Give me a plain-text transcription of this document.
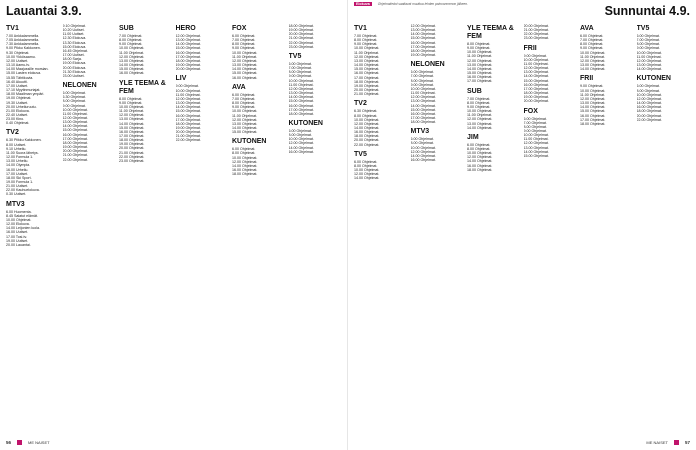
Lauantai 3.9.
TV1
7.00 Ankkalammella.
7.05 Ankkalammella.
7.30 Ankkalammella.
9.00 Pikku Kakkonen.
9.30 Ohjelmat.
10.00 Ykkösaamu.
12.00 Uutiset.
13.10 Aamu-tv.
14.00 Maajussille morsian.
15.00 Lasten elokuva.
15.55 Tähtikuvia.
16.40 Akuutti.
17.00 Uutiset.
17.10 Myytinmurtajat.
18.00 Maailman ympäri.
19.00 Ohjelmat.
19.30 Uutiset.
20.00 Urheiluruutu.
21.00 Elokuva.
22.40 Uutiset.
23.00 Kino.
0.40 Ohjelmat.
TV2
6.30 Piikku Kakkonen.
8.00 Uutiset.
9.10 Urheilu.
11.00 Suora lähetys.
12.00 Formula 1.
13.00 Urheilu.
14.00 Olympia.
16.00 Urheilu.
17.00 Uutiset.
18.00 Ski Sport.
19.00 Formula 1.
21.00 Uutiset.
22.00 Kauhuelokuva.
0.30 Uutiset.
MTV3
6.00 Huomenta.
8.45 Salatut elämät.
10.00 Ohjelmat.
12.00 Elokuva.
14.00 Leijonien luola.
16.00 Uutiset.
17.00 Tosi-tv.
19.00 Uutiset.
20.00 Lauantai.
9.10 Ohjelmat.
10.20 Uutiset.
11.00 Uutiset.
12.30 Elokuva.
13.30 Elokuva.
15.00 Elokuva.
16.45 Ohjelmat.
17.00 Uutiset.
18.00 Sarja.
19.00 Elokuva.
20.00 Elokuva.
21.30 Elokuva.
23.00 Uutiset.
NELONEN
6.00 Ohjelmat.
6.30 Ohjelmat.
8.00 Ohjelmat.
9.00 Ohjelmat.
10.00 Ohjelmat.
11.00 Ohjelmat.
12.00 Ohjelmat.
13.00 Ohjelmat.
14.00 Ohjelmat.
15.00 Ohjelmat.
16.00 Ohjelmat.
17.00 Ohjelmat.
18.00 Ohjelmat.
19.00 Ohjelmat.
20.00 Ohjelmat.
21.00 Ohjelmat.
22.00 Ohjelmat.
SUB
7.00 Ohjelmat.
8.00 Ohjelmat.
9.00 Ohjelmat.
10.00 Ohjelmat.
11.00 Ohjelmat.
12.00 Ohjelmat.
13.00 Ohjelmat.
14.00 Ohjelmat.
15.00 Ohjelmat.
16.00 Ohjelmat.
YLE TEEMA & FEM
8.00 Ohjelmat.
9.00 Ohjelmat.
10.00 Ohjelmat.
11.00 Ohjelmat.
12.00 Ohjelmat.
13.00 Ohjelmat.
14.00 Ohjelmat.
15.00 Ohjelmat.
16.00 Ohjelmat.
17.00 Ohjelmat.
18.00 Ohjelmat.
19.00 Ohjelmat.
20.00 Ohjelmat.
21.00 Ohjelmat.
22.00 Ohjelmat.
23.00 Ohjelmat.
HERO
12.00 Ohjelmat.
13.00 Ohjelmat.
14.00 Ohjelmat.
15.00 Ohjelmat.
16.00 Ohjelmat.
17.00 Ohjelmat.
18.00 Ohjelmat.
19.00 Ohjelmat.
20.00 Ohjelmat.
LIV
9.00 Ohjelmat.
10.00 Ohjelmat.
11.00 Ohjelmat.
12.00 Ohjelmat.
13.00 Ohjelmat.
14.00 Ohjelmat.
15.00 Ohjelmat.
16.00 Ohjelmat.
17.00 Ohjelmat.
18.00 Ohjelmat.
19.00 Ohjelmat.
20.00 Ohjelmat.
21.00 Ohjelmat.
22.00 Ohjelmat.
FOX
6.00 Ohjelmat.
7.00 Ohjelmat.
8.00 Ohjelmat.
9.00 Ohjelmat.
10.00 Ohjelmat.
11.00 Ohjelmat.
12.00 Ohjelmat.
13.00 Ohjelmat.
14.00 Ohjelmat.
15.00 Ohjelmat.
16.00 Ohjelmat.
AVA
6.00 Ohjelmat.
7.00 Ohjelmat.
8.00 Ohjelmat.
9.00 Ohjelmat.
10.00 Ohjelmat.
11.00 Ohjelmat.
12.00 Ohjelmat.
13.00 Ohjelmat.
14.00 Ohjelmat.
15.00 Ohjelmat.
KUTONEN
6.00 Ohjelmat.
8.00 Ohjelmat.
10.00 Ohjelmat.
12.00 Ohjelmat.
14.00 Ohjelmat.
16.00 Ohjelmat.
18.00 Ohjelmat.
18.00 Ohjelmat.
19.00 Ohjelmat.
20.00 Ohjelmat.
21.00 Ohjelmat.
22.00 Ohjelmat.
23.00 Ohjelmat.
TV5
6.00 Ohjelmat.
7.00 Ohjelmat.
8.00 Ohjelmat.
9.00 Ohjelmat.
10.00 Ohjelmat.
11.00 Ohjelmat.
12.00 Ohjelmat.
13.00 Ohjelmat.
14.00 Ohjelmat.
15.00 Ohjelmat.
16.00 Ohjelmat.
17.00 Ohjelmat.
18.00 Ohjelmat.
KUTONEN
6.00 Ohjelmat.
8.00 Ohjelmat.
10.00 Ohjelmat.
12.00 Ohjelmat.
14.00 Ohjelmat.
16.00 Ohjelmat.
56	ME NAISET
Elokuva	Ohjelmatiedot saattavat muuttua lehden painoonmenon jälkeen.	Sunnuntai 4.9.
TV1
7.00 Ohjelmat.
8.00 Ohjelmat.
9.00 Ohjelmat.
10.00 Ohjelmat.
11.00 Ohjelmat.
12.00 Ohjelmat.
13.00 Ohjelmat.
14.00 Ohjelmat.
15.00 Ohjelmat.
16.00 Ohjelmat.
17.00 Ohjelmat.
18.00 Ohjelmat.
19.00 Ohjelmat.
20.00 Ohjelmat.
21.00 Ohjelmat.
TV2
6.30 Ohjelmat.
8.00 Ohjelmat.
10.00 Ohjelmat.
12.00 Ohjelmat.
14.00 Ohjelmat.
16.00 Ohjelmat.
18.00 Ohjelmat.
20.00 Ohjelmat.
22.00 Ohjelmat.
TV5
6.00 Ohjelmat.
8.00 Ohjelmat.
10.00 Ohjelmat.
12.00 Ohjelmat.
14.00 Ohjelmat.
12.00 Ohjelmat.
13.00 Ohjelmat.
14.00 Ohjelmat.
15.00 Ohjelmat.
16.00 Ohjelmat.
17.00 Ohjelmat.
18.00 Ohjelmat.
19.00 Ohjelmat.
NELONEN
6.00 Ohjelmat.
7.00 Ohjelmat.
8.00 Ohjelmat.
9.00 Ohjelmat.
10.00 Ohjelmat.
11.00 Ohjelmat.
12.00 Ohjelmat.
13.00 Ohjelmat.
14.00 Ohjelmat.
15.00 Ohjelmat.
16.00 Ohjelmat.
17.00 Ohjelmat.
18.00 Ohjelmat.
MTV3
6.00 Ohjelmat.
8.00 Ohjelmat.
10.00 Ohjelmat.
12.00 Ohjelmat.
14.00 Ohjelmat.
16.00 Ohjelmat.
YLE TEEMA & FEM
8.00 Ohjelmat.
9.00 Ohjelmat.
10.00 Ohjelmat.
11.00 Ohjelmat.
12.00 Ohjelmat.
13.00 Ohjelmat.
14.00 Ohjelmat.
15.00 Ohjelmat.
16.00 Ohjelmat.
17.00 Ohjelmat.
SUB
7.00 Ohjelmat.
8.00 Ohjelmat.
9.00 Ohjelmat.
10.00 Ohjelmat.
11.00 Ohjelmat.
12.00 Ohjelmat.
13.00 Ohjelmat.
14.00 Ohjelmat.
JIM
6.00 Ohjelmat.
8.00 Ohjelmat.
10.00 Ohjelmat.
12.00 Ohjelmat.
14.00 Ohjelmat.
16.00 Ohjelmat.
18.00 Ohjelmat.
20.00 Ohjelmat.
21.00 Ohjelmat.
22.00 Ohjelmat.
23.00 Ohjelmat.
FRII
9.00 Ohjelmat.
10.00 Ohjelmat.
11.00 Ohjelmat.
12.00 Ohjelmat.
13.00 Ohjelmat.
14.00 Ohjelmat.
15.00 Ohjelmat.
16.00 Ohjelmat.
17.00 Ohjelmat.
18.00 Ohjelmat.
19.00 Ohjelmat.
20.00 Ohjelmat.
FOX
6.00 Ohjelmat.
7.00 Ohjelmat.
8.00 Ohjelmat.
9.00 Ohjelmat.
10.00 Ohjelmat.
11.00 Ohjelmat.
12.00 Ohjelmat.
13.00 Ohjelmat.
14.00 Ohjelmat.
15.00 Ohjelmat.
AVA
6.00 Ohjelmat.
7.00 Ohjelmat.
8.00 Ohjelmat.
9.00 Ohjelmat.
10.00 Ohjelmat.
11.00 Ohjelmat.
12.00 Ohjelmat.
13.00 Ohjelmat.
14.00 Ohjelmat.
FRII
9.00 Ohjelmat.
10.00 Ohjelmat.
11.00 Ohjelmat.
12.00 Ohjelmat.
13.00 Ohjelmat.
14.00 Ohjelmat.
15.00 Ohjelmat.
16.00 Ohjelmat.
17.00 Ohjelmat.
18.00 Ohjelmat.
TV5
6.00 Ohjelmat.
7.00 Ohjelmat.
8.00 Ohjelmat.
9.00 Ohjelmat.
10.00 Ohjelmat.
11.00 Ohjelmat.
12.00 Ohjelmat.
13.00 Ohjelmat.
14.00 Ohjelmat.
KUTONEN
6.00 Ohjelmat.
8.00 Ohjelmat.
10.00 Ohjelmat.
12.00 Ohjelmat.
14.00 Ohjelmat.
16.00 Ohjelmat.
18.00 Ohjelmat.
20.00 Ohjelmat.
22.00 Ohjelmat.
ME NAISET	57
